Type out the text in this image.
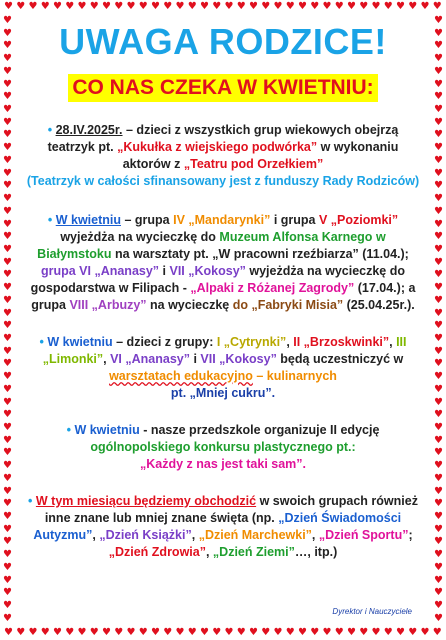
♥ ♥ ♥ ♥ ♥ ♥ ♥ ♥ ♥ ♥ ♥ ♥ ♥ ♥ ♥ ♥ ♥ ♥ ♥ ♥ ♥ ♥ ♥ ♥ ♥ ♥ ♥ ♥ ♥ ♥ ♥ ♥ ♥ ♥ ♥ ♥
♥ ♥ ♥ ♥ ♥ ♥ ♥ ♥ ♥ ♥ ♥ ♥ ♥ ♥ ♥ ♥ ♥ ♥ ♥ ♥ ♥ ♥ ♥ ♥ ♥ ♥ ♥ ♥ ♥ ♥ ♥ ♥ ♥ ♥ ♥ ♥
♥
♥
♥
♥
♥
♥
♥
♥
♥
♥
♥
♥
♥
♥
♥
♥
♥
♥
♥
♥
♥
♥
♥
♥
♥
♥
♥
♥
♥
♥
♥
♥
♥
♥
♥
♥
♥
♥
♥
♥
♥
♥
♥
♥
♥
♥
♥
♥
♥
♥
♥
♥
♥
♥
♥
♥
♥
♥
♥
♥
♥
♥
♥
♥
♥
♥
♥
♥
♥
♥
♥
♥
♥
♥
♥
♥
♥
♥
♥
♥
♥
♥
♥
♥
♥
♥
♥
♥
♥
♥
♥
♥
♥
♥
♥
♥
UWAGA RODZICE!
CO NAS CZEKA W KWIETNIU:

• 28.IV.2025r. – dzieci z wszystkich grup wiekowych obejrzą teatrzyk pt. „Kukułka z wiejskiego podwórka” w wykonaniu aktorów z „Teatru pod Orzełkiem”
(Teatrzyk w całości sfinansowany jest z funduszy Rady Rodziców)

• W kwietniu – grupa IV „Mandarynki” i grupa V „Poziomki” wyjeżdża na wycieczkę do Muzeum Alfonsa Karnego w Białymstoku na warsztaty pt. „W pracowni rzeźbiarza” (11.04.); grupa VI „Ananasy” i VII „Kokosy” wyjeżdża na wycieczkę do gospodarstwa w Filipach - „Alpaki z Różanej Zagrody” (17.04.); a grupa VIII „Arbuzy” na wycieczkę do „Fabryki Misia” (25.04.25r.).

• W kwietniu – dzieci z grupy: I „Cytrynki”, II „Brzoskwinki”, III „Limonki”, VI „Ananasy” i VII „Kokosy” będą uczestniczyć w warsztatach edukacyjno – kulinarnych
pt. „Mniej cukru”.

• W kwietniu - nasze przedszkole organizuje II edycję
ogólnopolskiego konkursu plastycznego pt.:
„Każdy z nas jest taki sam”.

• W tym miesiącu będziemy obchodzić w swoich grupach również inne znane lub mniej znane święta (np. „Dzień Świadomości Autyzmu”, „Dzień Książki”, „Dzień Marchewki”, „Dzień Sportu”; „Dzień Zdrowia”, „Dzień Ziemi”…, itp.)

Dyrektor i Nauczyciele
